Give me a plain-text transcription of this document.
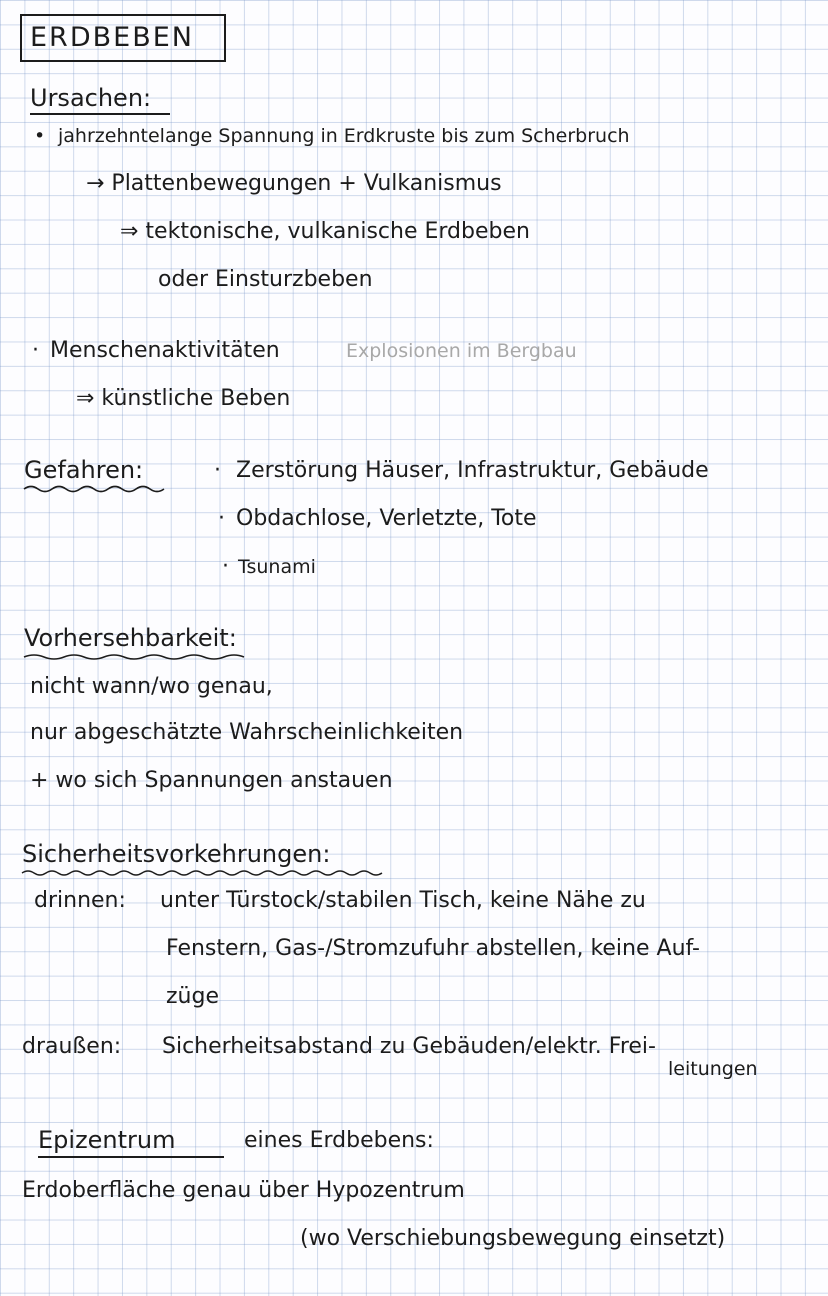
ERDBEBEN
Ursachen:
• jahrzehntelange Spannung in Erdkruste bis zum Scherbruch
→ Plattenbewegungen + Vulkanismus
⇒ tektonische, vulkanische Erdbeben
oder Einsturzbeben
· Menschenaktivitäten	Explosionen im Bergbau
⇒ künstliche Beben
Gefahren:	· Zerstörung Häuser, Infrastruktur, Gebäude
· Obdachlose, Verletzte, Tote
· Tsunami
Vorhersehbarkeit:
nicht wann/wo genau,
nur abgeschätzte Wahrscheinlichkeiten
+ wo sich Spannungen anstauen
Sicherheitsvorkehrungen:
drinnen: unter Türstock/stabilen Tisch, keine Nähe zu
Fenstern, Gas-/Stromzufuhr abstellen, keine Auf-
züge
draußen: Sicherheitsabstand zu Gebäuden/elektr. Frei-
leitungen
Epizentrum	eines Erdbebens:
Erdoberfläche genau über Hypozentrum
(wo Verschiebungsbewegung einsetzt)
